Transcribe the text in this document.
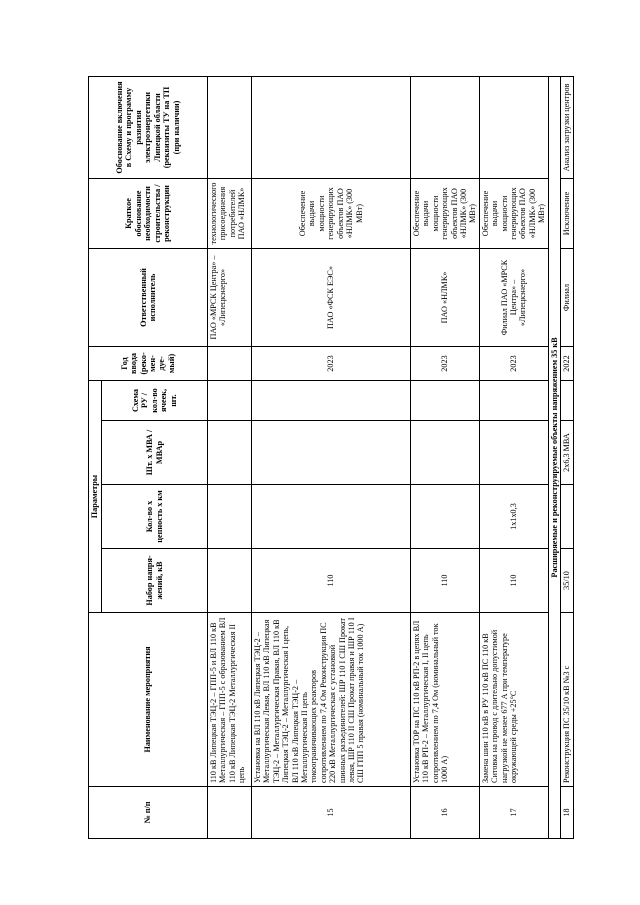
№ п/п	Наименование мероприятия	Параметры				Год ввода (реко-мен-дуе-мый)	Ответственный исполнитель	Краткое обоснование необходимости строительства / реконструкции	Обоснование включения в Схему и программу развития электроэнергетики Липецкой области (реквизиты ТУ на ТП (при наличии)
		Набор напря-жений, кВ	Кол-во х цепность х км	Шт. х МВА / МВАр	Схема РУ / кол-во ячеек, шт.				
	110 кВ Липецкая ТЭЦ-2 – ГПП-5 и ВЛ 110 кВ Металлургическая – ГПП-5 с образованием ВЛ 110 кВ Липецкая ТЭЦ-2 Металлургическая II цепь						ПАО «МРСК Центра» – «Липецкэнерго»	технологического присоединения потребителей ПАО «НЛМК»	
15	Установка на ВЛ 110 кВ Липецкая ТЭЦ-2 – Металлургическая Левая, ВЛ 110 кВ Липецкая ТЭЦ-2 – Металлургическая Правая, ВЛ 110 кВ Липецкая ТЭЦ-2 – Металлургическая I цепь, ВЛ 110 кВ Липецкая ТЭЦ-2 – Металлургическая II цепь токоограничивающих реакторов сопротивлением по 7,4 Ом Реконструкция ПС 220 кВ Металлургическая с установкой шинных разъединителей: ШР 110 I СШ Прокат левая, ШР 110 II СШ Прокат правая и ШР 110 I СШ ГПП 5 правая (номинальный ток 1000 А)	110				2023	ПАО «ФСК ЕЭС»	Обеспечение выдачи мощности генерирующих объектов ПАО «НЛМК» (300 МВт)	
16	Установка ТОР на ПС 110 кВ РП-2 в цепях ВЛ 110 кВ РП-2 – Металлургическая I, II цепь сопротивлением по 7,4 Ом (номинальный ток 1000 А)	110				2023	ПАО «НЛМК»	Обеспечение выдачи мощности генерирующих объектов ПАО «НЛМК» (300 МВт)	
17	Замена шин 110 кВ в РУ 110 кВ ПС 110 кВ Ситовка на провод с длительно допустимой нагрузкой не менее 677 А при температуре окружающей среды +25°С	110	1х1х0,3			2023	Филиал ПАО «МРСК Центра» – «Липецкэнерго»	Обеспечение выдачи мощности генерирующих объектов ПАО «НЛМК» (300 МВт)	
Расширяемые и реконструируемые объекты напряжением 35 кВ									
18	Реконструкция ПС 35/10 кВ №3 с	35/10		2х6,3 МВА		2022	Филиал	Исключение	Анализ загрузки центров
